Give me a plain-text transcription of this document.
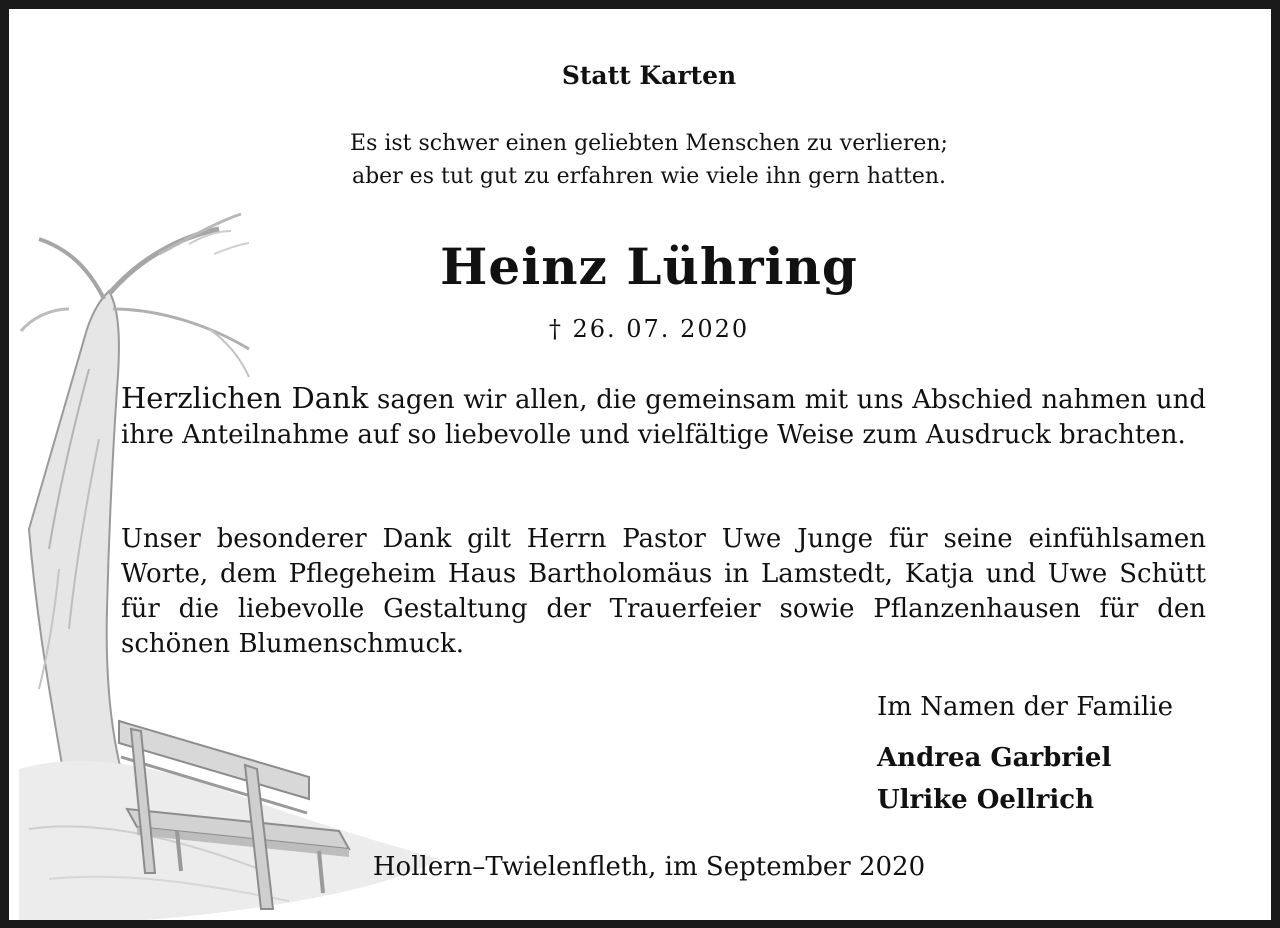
Statt Karten
Es ist schwer einen geliebten Menschen zu verlieren;
aber es tut gut zu erfahren wie viele ihn gern hatten.
Heinz Lühring
† 26. 07. 2020
Herzlichen Dank sagen wir allen, die gemeinsam mit uns Abschied nahmen und ihre Anteilnahme auf so liebevolle und vielfältige Weise zum Ausdruck brachten.
Unser besonderer Dank gilt Herrn Pastor Uwe Junge für seine einfühlsamen Worte, dem Pflegeheim Haus Bartholomäus in Lamstedt, Katja und Uwe Schütt für die liebevolle Gestaltung der Trauerfeier sowie Pflanzenhausen für den schönen Blumenschmuck.
Im Namen der Familie
Andrea Garbriel
Ulrike Oellrich
Hollern–Twielenfleth, im September 2020
